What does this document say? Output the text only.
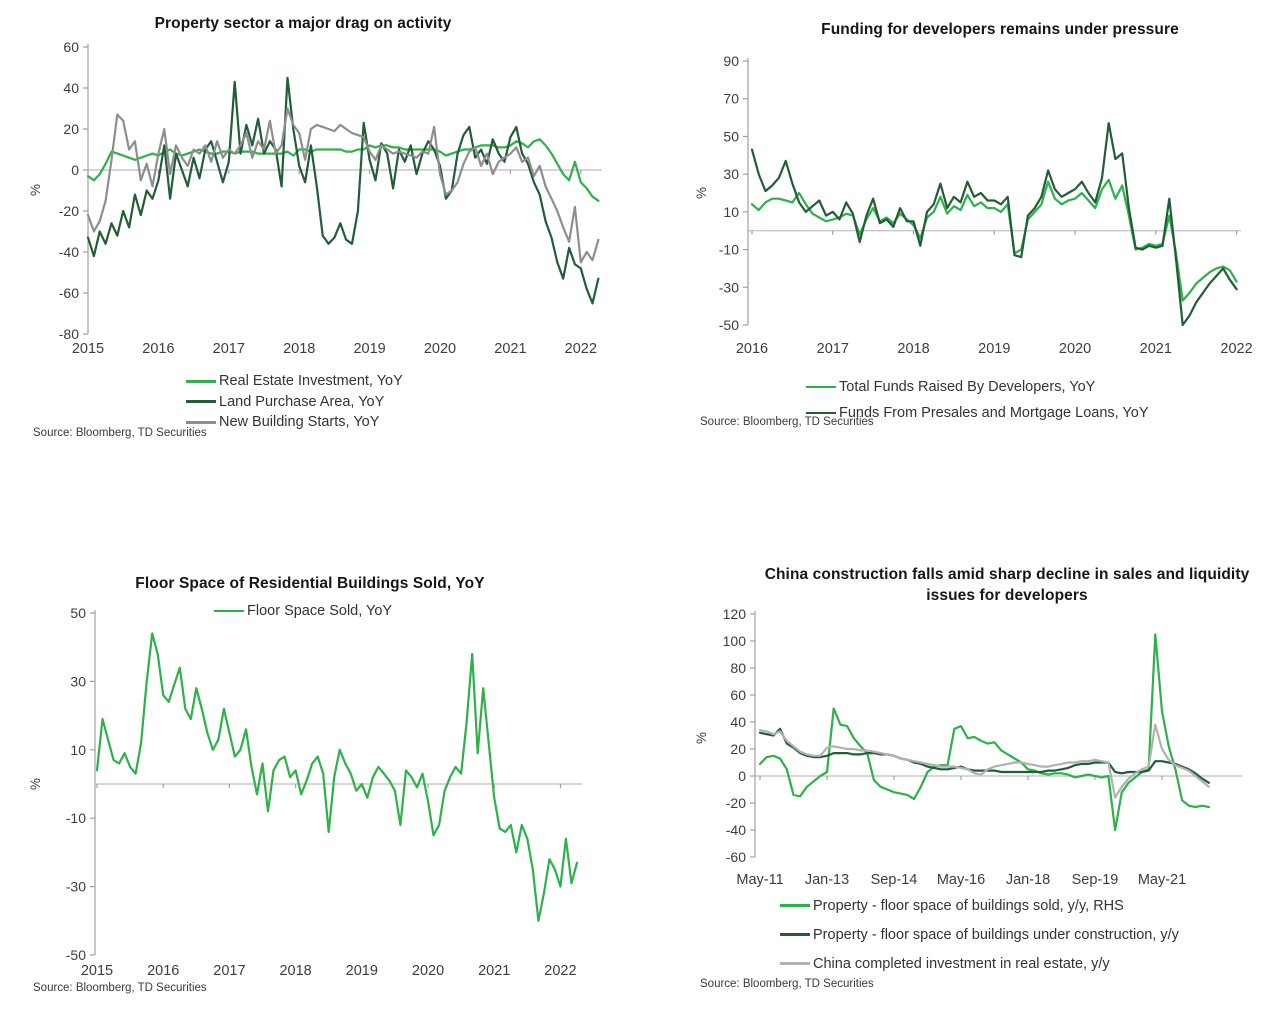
Property sector a major drag on activity
60
40
20
0
-20
-40
-60
-80
2015	2016	2017	2018	2019	2020	2021	2022
%
Real Estate Investment, YoY
Land Purchase Area, YoY
New Building Starts, YoY
Source: Bloomberg, TD Securities
Funding for developers remains under pressure
90
70
50
30
10
-10
-30
-50
2016	2017	2018	2019	2020	2021	2022
%
Total Funds Raised By Developers, YoY
Funds From Presales and Mortgage Loans, YoY
Source: Bloomberg, TD Securities
Floor Space of Residential Buildings Sold, YoY
50
30
10
-10
-30
-50
2015 2016 2017 2018 2019 2020 2021 2022
%
Floor Space Sold, YoY
Source: Bloomberg, TD Securities
China construction falls amid sharp decline in sales and liquidity issues for developers
120
100
80
60
40
20
0
-20
-40
-60
May-11 Jan-13 Sep-14 May-16 Jan-18 Sep-19 May-21
%
Property - floor space of buildings sold, y/y, RHS
Property - floor space of buildings under construction, y/y
China completed investment in real estate, y/y
Source: Bloomberg, TD Securities
